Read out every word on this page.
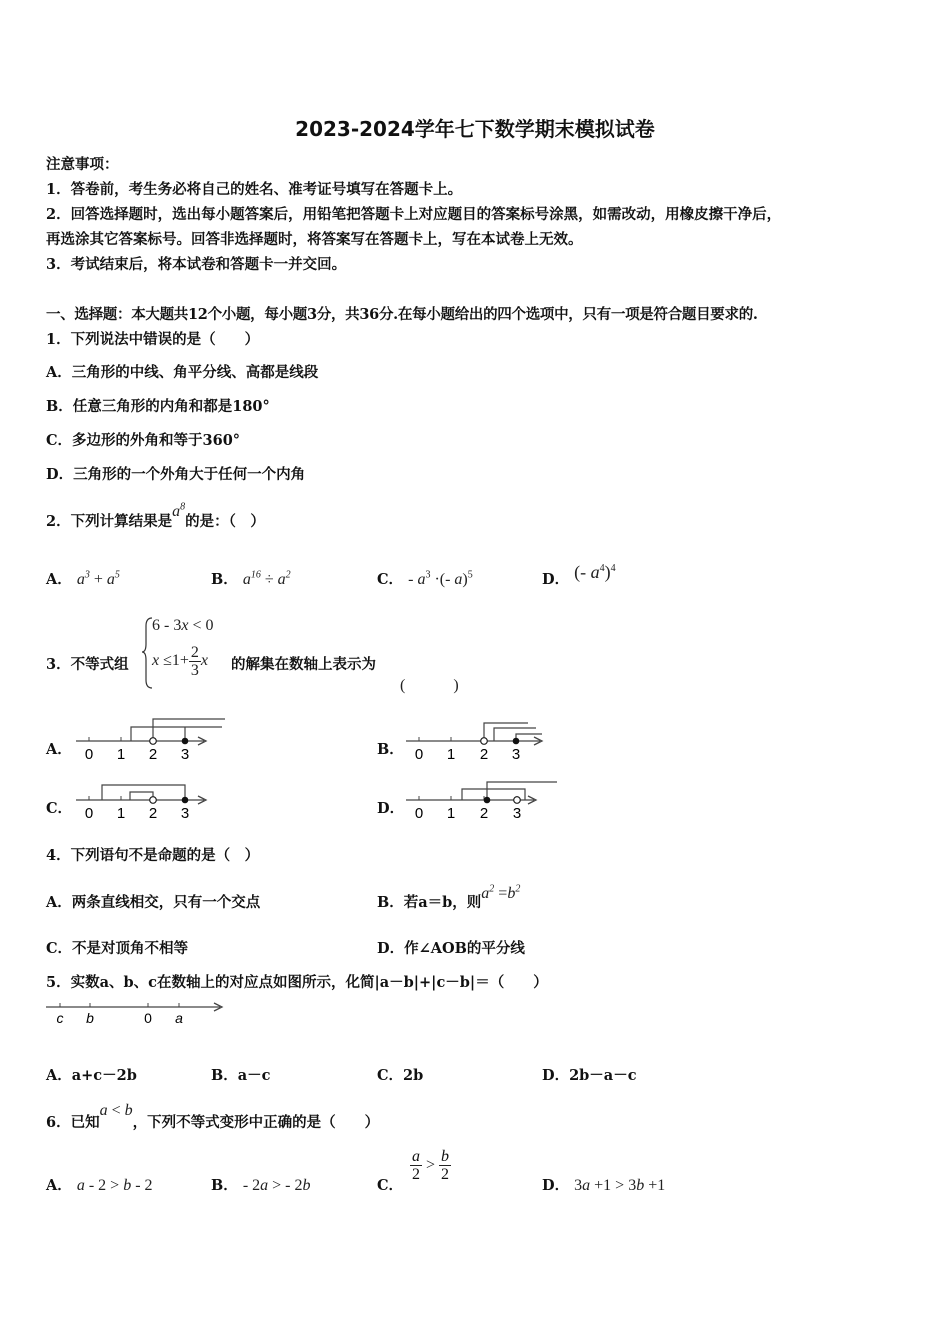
2023-2024学年七下数学期末模拟试卷
注意事项：
1．答卷前，考生务必将自己的姓名、准考证号填写在答题卡上。
2．回答选择题时，选出每小题答案后，用铅笔把答题卡上对应题目的答案标号涂黑，如需改动，用橡皮擦干净后，
再选涂其它答案标号。回答非选择题时，将答案写在答题卡上，写在本试卷上无效。
3．考试结束后，将本试卷和答题卡一并交回。
一、选择题：本大题共12个小题，每小题3分，共36分.在每小题给出的四个选项中，只有一项是符合题目要求的.
1．下列说法中错误的是（　　）
A．三角形的中线、角平分线、高都是线段
B．任意三角形的内角和都是180°
C．多边形的外角和等于360°
D．三角形的一个外角大于任何一个内角
2．下列计算结果是$a^8$的是：（　）
A． $a^3 + a^5$	B． $a^{16} \div a^2$	C． - $a^3$ ·(- a)$^5$	D． (- $a^4)^4$
3．不等式组
6 - 3x < 0
$x \le 1+ \frac{2}{3}$ x 的解集在数轴上表示为
(　　　)
A． 0 1 2 3	B． 0 1 2 3
C． 0 1 2 3	D． 0 1 2 3
4．下列语句不是命题的是（　）
A．两条直线相交，只有一个交点	B．若a＝b，则$a^2 =b^2$
C．不是对顶角不相等	D．作∠AOB的平分线
5．实数a、b、c在数轴上的对应点如图所示，化简|a－b|+|c－b|＝（　　）
c b	0 a
A．a+c－2b	B．a－c	C．2b	D．2b－a－c
6．已知a < b，下列不等式变形中正确的是（　　）
A． a - 2 > b - 2	B． - 2a > - 2b	C．
$\frac{a}{2} > \frac{b}{2}$
D． 3a +1 > 3b +1
